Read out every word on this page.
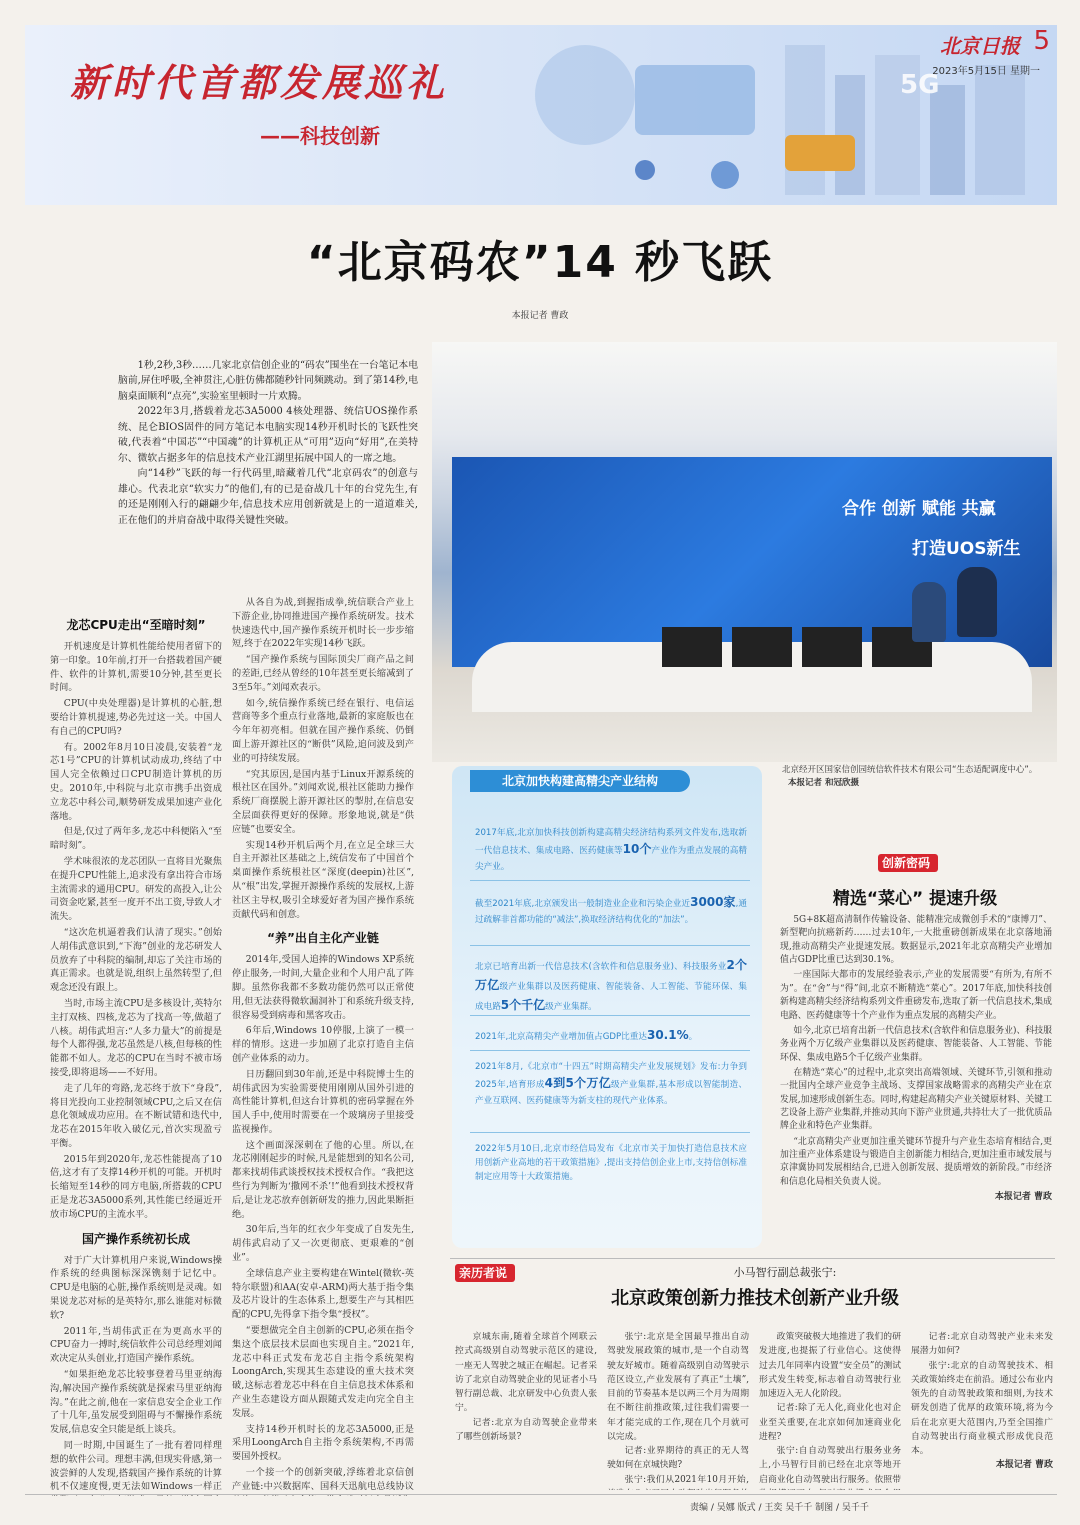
新时代首都发展巡礼
——科技创新
5G
北京日报 5
2023年5月15日 星期一
“北京码农”14 秒飞跃
本报记者 曹政

1秒,2秒,3秒……几家北京信创企业的“码农”围坐在一台笔记本电脑前,屏住呼吸,全神贯注,心脏仿佛都随秒针同频跳动。到了第14秒,电脑桌面顺利“点亮”,实验室里顿时一片欢腾。

2022年3月,搭载着龙芯3A5000 4核处理器、统信UOS操作系统、昆仑BIOS固件的同方笔记本电脑实现14秒开机时长的飞跃性突破,代表着“中国芯”“中国魂”的计算机正从“可用”迈向“好用”,在美特尔、微软占据多年的信息技术产业江湖里拓展中国人的一席之地。

向“14秒”飞跃的每一行代码里,暗藏着几代“北京码农”的创意与雄心。代表北京“软实力”的他们,有的已是奋战几十年的台党先生,有的还是刚刚入行的翩翩少年,信息技术应用创新就是上的一道道难关,正在他们的并肩奋战中取得关键性突破。

合作 创新 赋能 共赢
打造UOS新生
北京经开区国家信创园统信软件技术有限公司“生态适配调度中心”。 本报记者 和冠欣摄
龙芯CPU走出“至暗时刻”

开机速度是计算机性能给使用者留下的第一印象。10年前,打开一台搭载着国产硬件、软件的计算机,需要10分钟,甚至更长时间。

CPU(中央处理器)是计算机的心脏,想要给计算机提速,势必先过这一关。中国人有自己的CPU吗?

有。2002年8月10日凌晨,安装着“龙芯1号”CPU的计算机试动成功,终结了中国人完全依赖过口CPU制造计算机的历史。2010年,中科院与北京市携手出资成立龙芯中科公司,顺势研发成果加速产业化落地。

但是,仅过了两年多,龙芯中科便陷入“至暗时刻”。

学术味很浓的龙芯团队一直将目光聚焦在提升CPU性能上,追求没有拿出符合市场主流需求的通用CPU。研发的高投入,让公司资金吃紧,甚至一度开不出工资,导致人才流失。

“这次危机逼着我们认清了现实。”创始人胡伟武意识到,“下海”创业的龙芯研发人员放弃了中科院的编制,却忘了关注市场的真正需求。也就是说,组织上虽然转型了,但观念还没有跟上。

当时,市场主流CPU是多核设计,英特尔主打双核、四核,龙芯为了找高一等,做超了八核。胡伟武坦言:“人多力量大”的前提是每个人都得强,龙芯虽然是八核,但每核的性能都不如人。龙芯的CPU在当时不被市场接受,即将退场——不好用。

走了几年的弯路,龙芯终于放下“身段”,将目光投向工业控制领域CPU,之后又在信息化领域成功应用。在不断试错和迭代中,龙芯在2015年收入破亿元,首次实现盈亏平衡。

2015年到2020年,龙芯性能提高了10倍,这才有了支撑14秒开机的可能。开机时长缩短至14秒的同方电脑,所搭载的CPU正是龙芯3A5000系列,其性能已经逼近开放市场CPU的主流水平。

国产操作系统初长成

对于广大计算机用户来说,Windows操作系统的经典图标深深镌刻于记忆中。CPU是电脑的心脏,操作系统则是灵魂。如果说龙芯对标的是英特尔,那么谁能对标微软?

2011年,当胡伟武正在为更高水平的CPU奋力一搏时,统信软件公司总经理刘闻欢决定从头创业,打造国产操作系统。

“如果拒绝龙芯比较事登着马里亚纳海沟,解决国产操作系统就是探索马里亚纳海沟。”在此之前,他在一家信息安全企业工作了十几年,虽发展受到阻碍与不懈操作系统发展,信息安全只能是纸上谈兵。

同一时期,中国诞生了一批有着同样理想的软件公司。理想丰满,但现实骨感,第一波尝鲜的人发现,搭载国产操作系统的计算机不仅速度慢,更无法如Windows一样正

从各自为战,到握指成拳,统信联合产业上下游企业,协同推进国产操作系统研发。技术快速迭代中,国产操作系统开机时长一步步缩短,终于在2022年实现14秒飞跃。

“国产操作系统与国际顶尖厂商产品之间的差距,已经从曾经的10年甚至更长缩减到了3至5年。”刘闻欢表示。

如今,统信操作系统已经在银行、电信运营商等多个重点行业落地,最新的家庭版也在今年年初亮相。但就在国产操作系统、仍倒面上游开源社区的“断供”风险,追问波及到产业的可持续发展。

“究其原因,是国内基于Linux开源系统的根社区在国外。”刘闻欢说,根社区能助力操作系统厂商摆脱上游开源社区的掣肘,在信息安全层面获得更好的保障。形象地说,就是“供应链”也要安全。

实现14秒开机后两个月,在立足全球三大自主开源社区基础之上,统信发布了中国首个桌面操作系统根社区“深度(deepin)社区”,从“根”出发,掌握开源操作系统的发展权,上游社区主导权,吸引全球爱好者为国产操作系统贡献代码和创意。

“养”出自主化产业链

2014年,受国人追捧的Windows XP系统停止服务,一时间,大量企业和个人用户乱了阵脚。虽然你我都不多数功能仍然可以正常使用,但无法获得微软漏洞补丁和系统升级支持,很容易受到病毒和黑客攻击。

6年后,Windows 10停服,上演了一模一样的情形。这进一步加剧了北京打造自主信创产业体系的动力。

日历翻回到30年前,还是中科院博士生的胡伟武因为实验需要使用刚刚从国外引进的高性能计算机,但这台计算机的密码掌握在外国人手中,使用时需要在一个玻璃房子里接受监视操作。

这个画面深深刺在了他的心里。所以,在龙芯刚刚起步的时候,凡是能想到的知名公司,都来找胡伟武谈授权技术授权合作。“我把这些行为判断为‘撒网不杀’!”他看到技术授权背后,是让龙芯放弃创新研发的推力,因此果断拒绝。

30年后,当年的红衣少年变成了自发先生,胡伟武启动了又一次更彻底、更艰难的“创业”。

全球信息产业主要构建在Wintel(微软-英特尔联盟)和AA(安卓-ARM)两大基于指令集及芯片设计的生态体系上,想要生产与其相匹配的CPU,先得拿下指令集“授权”。

“要想做完全自主创新的CPU,必须在指令集这个底层技术层面也实现自主。”2021年,龙芯中科正式发布龙芯自主指令系统架构LoongArch,实现其生态建设的重大技术突破,这标志着龙芯中科在自主信息技术体系和产业生态建设方面从跟随式发走向完全自主发展。

支持14秒开机时长的龙芯3A5000,正是采用LoongArch自主指令系统架构,不再需要国外授权。

一个接一个的创新突破,浮练着北京信创产业链:中兴数据库、国科天迅航电总线协议

北京加快构建高精尖产业结构
2017年底,北京加快科技创新构建高精尖经济结构系列文件发布,选取新一代信息技术、集成电路、医药健康等10个产业作为重点发展的高精尖产业。
截至2021年底,北京颁发出一般制造业企业和污染企业近3000家,通过疏解非首都功能的“减法”,换取经济结构优化的“加法”。
北京已培育出新一代信息技术(含软件和信息服务业)、科技服务业2个万亿级产业集群以及医药健康、智能装备、人工智能、节能环保、集成电路5个千亿级产业集群。
2021年,北京高精尖产业增加值占GDP比重达30.1%。
2021年8月,《北京市“十四五”时期高精尖产业发展规划》发布:力争到2025年,培育形成4到5个万亿级产业集群,基本形成以智能制造、产业互联网、医药健康等为新支柱的现代产业体系。
2022年5月10日,北京市经信局发布《北京市关于加快打造信息技术应用创新产业高地的若干政策措施》,提出支持信创企业上市,支持信创标准制定应用等十大政策措施。
创新密码
精选“菜心” 提速升级

5G+8K超高清制作传输设备、能精准完成微创手术的“康博刀”、新型靶向抗癌新药……过去10年,一大批重磅创新成果在北京落地涌现,推动高精尖产业提速发展。数据显示,2021年北京高精尖产业增加值占GDP比重已达到30.1%。

一座国际大都市的发展经验表示,产业的发展需要“有所为,有所不为”。在“舍”与“得”间,北京不断精选“菜心”。2017年底,加快科技创新构建高精尖经济结构系列文件重磅发布,选取了新一代信息技术,集成电路、医药健康等十个产业作为重点发展的高精尖产业。

如今,北京已培育出新一代信息技术(含软件和信息服务业)、科技服务业两个万亿级产业集群以及医药健康、智能装备、人工智能、节能环保、集成电路5个千亿级产业集群。

在精选“菜心”的过程中,北京突出高端领域、关键环节,引领和推动一批国内全球产业竞争主战场、支撑国家战略需求的高精尖产业在京发展,加速形成创新生态。同时,构建起高精尖产业关键原材料、关键工艺设备上游产业集群,并推动其向下游产业贯通,共持壮大了一批优质品牌企业和特色产业集群。

“北京高精尖产业更加注重关键环节提升与产业生态培育相结合,更加注重产业体系建设与锻造自主创新能力相结合,更加注重市域发展与京津冀协同发展相结合,已进入创新发展、提质增效的新阶段。”市经济和信息化局相关负责人说。

本报记者 曹政

亲历者说	小马智行副总裁张宁:
北京政策创新力推技术创新产业升级

京城东南,随着全球首个网联云控式高级别自动驾驶示范区的建设,一座无人驾驶之城正在崛起。记者采访了北京自动驾驶企业的见证者小马智行副总裁、北京研发中心负责人张宁。

记者:北京为自动驾驶企业带来了哪些创新场景?

张宁:北京是全国最早推出自动驾驶发展政策的城市,是一个自动驾驶友好城市。随着高级别自动驾驶示范区设立,产业发展有了真正“土壤”,目前的节奏基本是以两三个月为周期在不断往前推政策,过往我们需要一年才能完成的工作,现在几个月就可以完成。

记者:业界期待的真正的无人驾驶如何在京城快跑?

张宁:我们从2021年10月开始,

政策突破极大地推进了我们的研发进度,也提振了行业信心。这使得过去几年同率内设置“安全员”的测试形式发生转变,标志着自动驾驶行业加速迈入无人化阶段。

记者:除了无人化,商业化也对企业至关重要,在北京如何加速商业化进程?

张宁:自自动驾驶出行服务业务上,小马智行目前已经在北京等地开启商业化自动驾驶出行服务。依照带

记者:北京自动驾驶产业未来发展潜力如何?

张宁:北京的自动驾驶技术、相关政策始终走在前沿。通过公布业内领先的自动驾驶政策和细则,为技术研发创造了优厚的政策环境,将为今后在北京更大范围内,乃至全国推广自动驾驶出行商业模式形成优良范本。

本报记者 曹政

责编 / 吴娜 版式 / 王奕 吴千千 制图 / 吴千千
